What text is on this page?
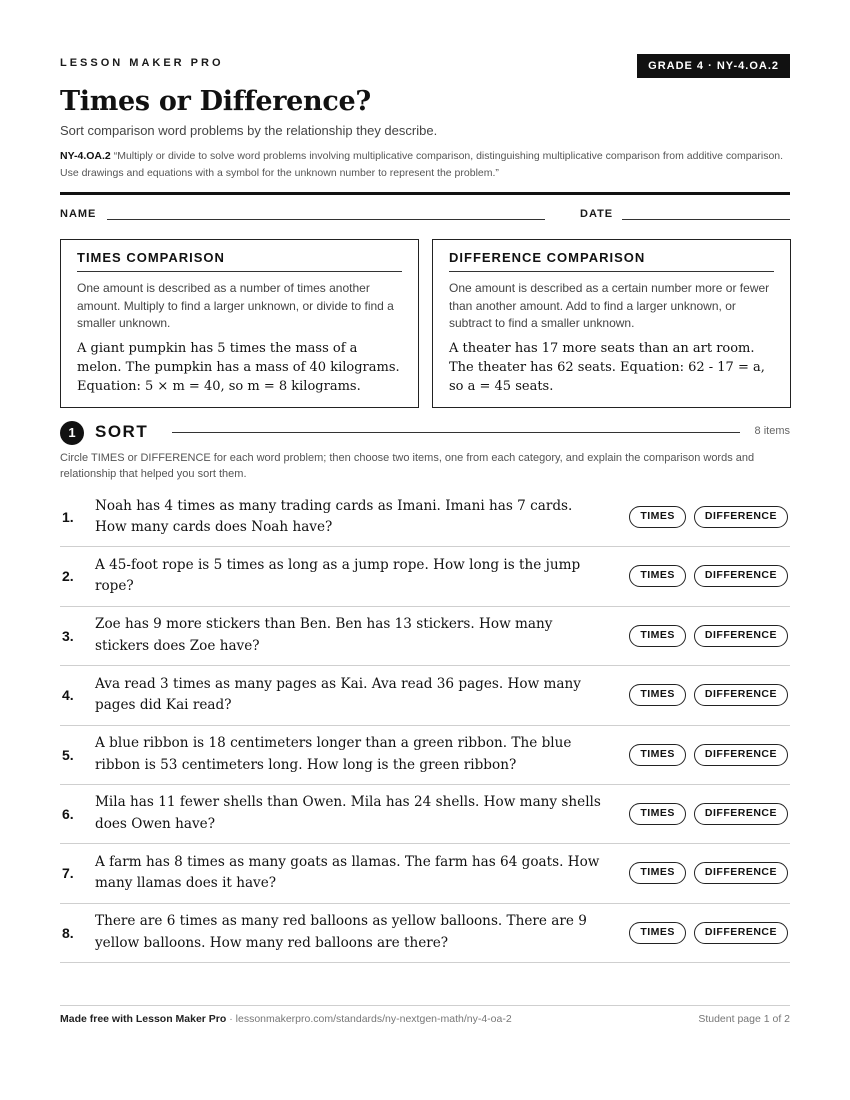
LESSON MAKER PRO	GRADE 4 · NY-4.OA.2
Times or Difference?
Sort comparison word problems by the relationship they describe.
NY-4.OA.2 “Multiply or divide to solve word problems involving multiplicative comparison, distinguishing multiplicative comparison from additive comparison. Use drawings and equations with a symbol for the unknown number to represent the problem.”
NAME	DATE
TIMES COMPARISON
One amount is described as a number of times another amount. Multiply to find a larger unknown, or divide to find a smaller unknown.
A giant pumpkin has 5 times the mass of a melon. The pumpkin has a mass of 40 kilograms. Equation: 5 × m = 40, so m = 8 kilograms.
DIFFERENCE COMPARISON
One amount is described as a certain number more or fewer than another amount. Add to find a larger unknown, or subtract to find a smaller unknown.
A theater has 17 more seats than an art room. The theater has 62 seats. Equation: 62 - 17 = a, so a = 45 seats.
1	SORT	8 items
Circle TIMES or DIFFERENCE for each word problem; then choose two items, one from each category, and explain the comparison words and relationship that helped you sort them.
1.
Noah has 4 times as many trading cards as Imani. Imani has 7 cards. How many cards does Noah have?
TIMES	DIFFERENCE
2.
A 45-foot rope is 5 times as long as a jump rope. How long is the jump rope?
TIMES	DIFFERENCE
3.
Zoe has 9 more stickers than Ben. Ben has 13 stickers. How many stickers does Zoe have?
TIMES	DIFFERENCE
4.
Ava read 3 times as many pages as Kai. Ava read 36 pages. How many pages did Kai read?
TIMES	DIFFERENCE
5.
A blue ribbon is 18 centimeters longer than a green ribbon. The blue ribbon is 53 centimeters long. How long is the green ribbon?
TIMES	DIFFERENCE
6.
Mila has 11 fewer shells than Owen. Mila has 24 shells. How many shells does Owen have?
TIMES	DIFFERENCE
7.
A farm has 8 times as many goats as llamas. The farm has 64 goats. How many llamas does it have?
TIMES	DIFFERENCE
8.
There are 6 times as many red balloons as yellow balloons. There are 9 yellow balloons. How many red balloons are there?
TIMES	DIFFERENCE
Made free with Lesson Maker Pro · lessonmakerpro.com/standards/ny-nextgen-math/ny-4-oa-2	Student page 1 of 2
